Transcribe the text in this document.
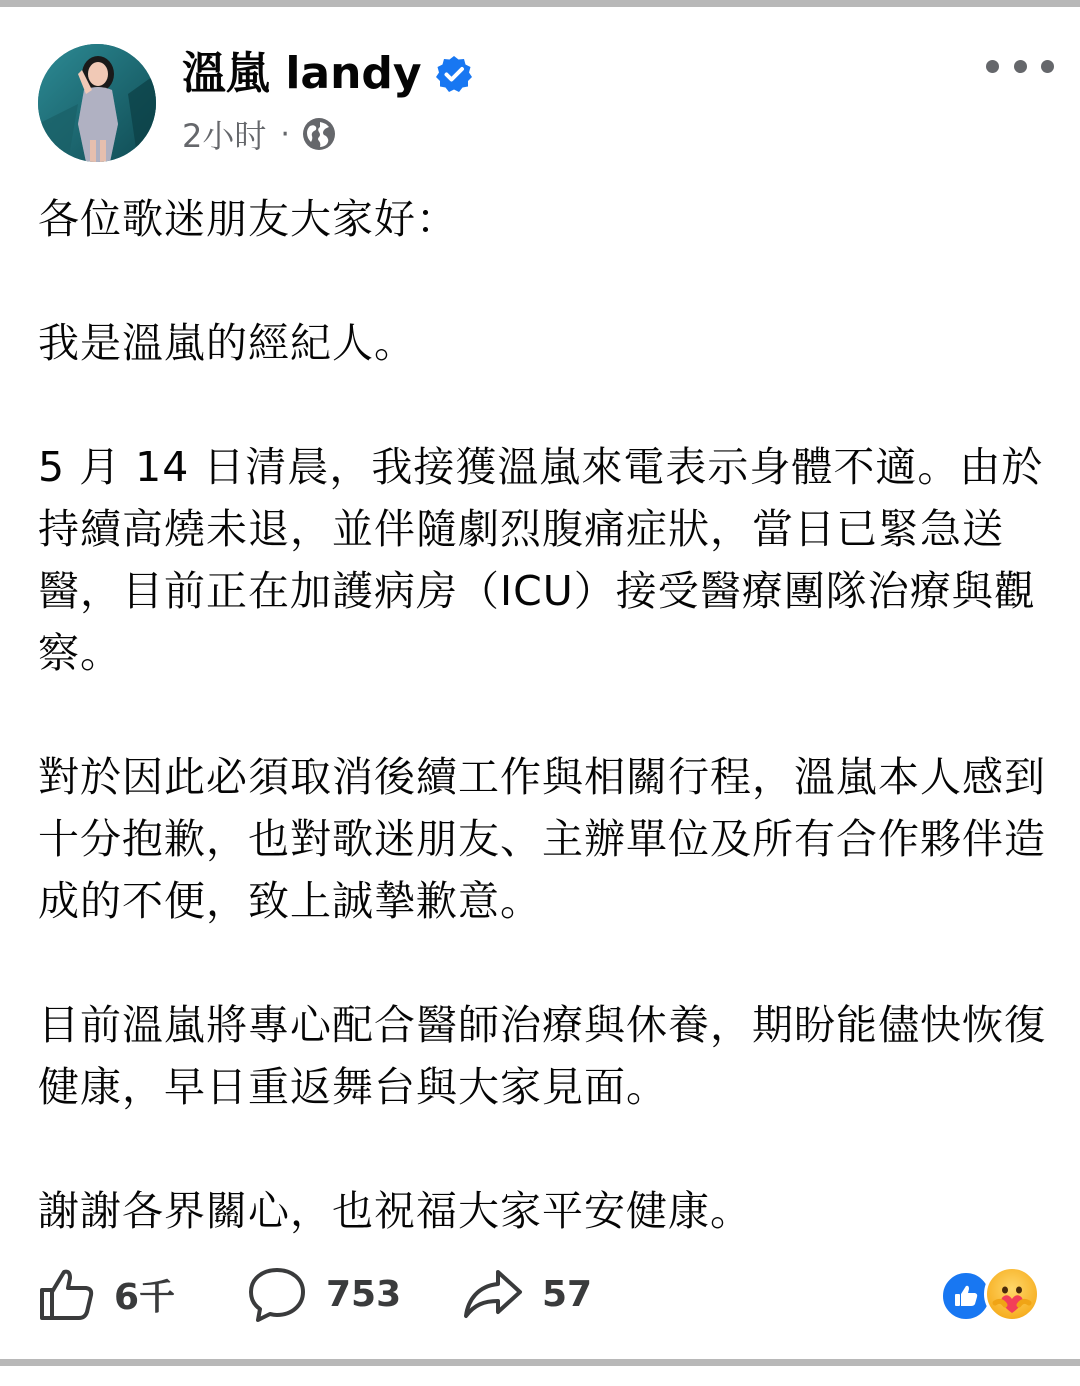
溫嵐 landy
2小时 ·

各位歌迷朋友大家好：

我是溫嵐的經紀人。

5 月 14 日清晨，我接獲溫嵐來電表示身體不適。由於持續高燒未退，並伴隨劇烈腹痛症狀，當日已緊急送醫，目前正在加護病房（ICU）接受醫療團隊治療與觀察。

對於因此必須取消後續工作與相關行程，溫嵐本人感到十分抱歉，也對歌迷朋友、主辦單位及所有合作夥伴造成的不便，致上誠摯歉意。

目前溫嵐將專心配合醫師治療與休養，期盼能儘快恢復健康，早日重返舞台與大家見面。

謝謝各界關心，也祝福大家平安健康。

6千	753	57
